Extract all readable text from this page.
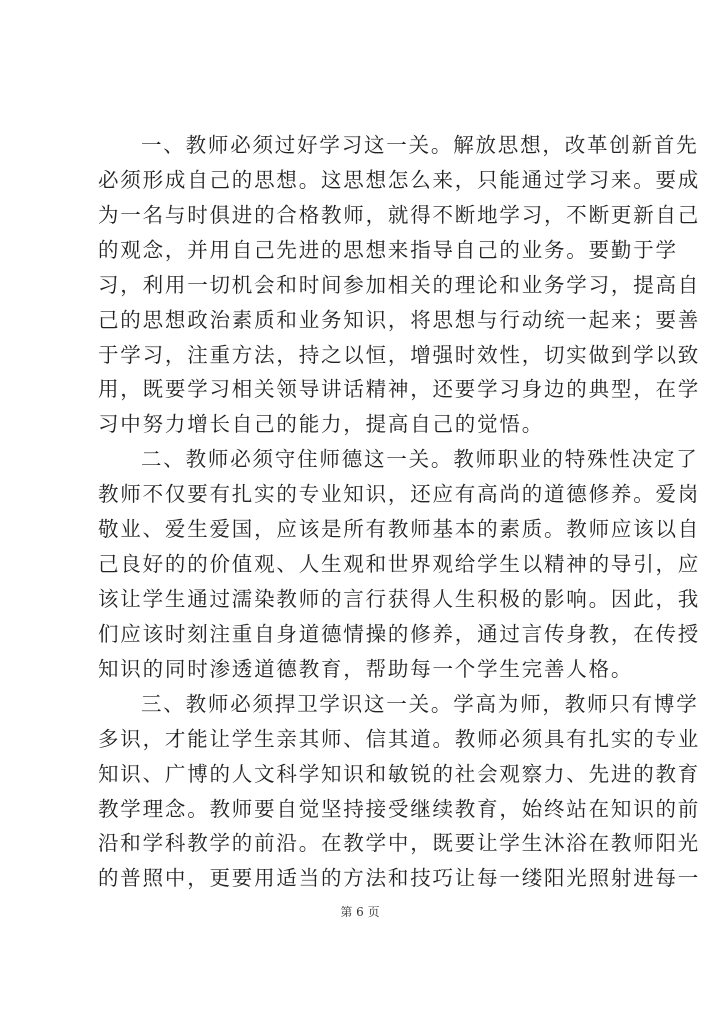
一、教师必须过好学习这一关。解放思想，改革创新首先
必须形成自己的思想。这思想怎么来，只能通过学习来。要成
为一名与时俱进的合格教师，就得不断地学习，不断更新自己
的观念，并用自己先进的思想来指导自己的业务。要勤于学
习，利用一切机会和时间参加相关的理论和业务学习，提高自
己的思想政治素质和业务知识，将思想与行动统一起来；要善
于学习，注重方法，持之以恒，增强时效性，切实做到学以致
用，既要学习相关领导讲话精神，还要学习身边的典型，在学
习中努力增长自己的能力，提高自己的觉悟。
二、教师必须守住师德这一关。教师职业的特殊性决定了
教师不仅要有扎实的专业知识，还应有高尚的道德修养。爱岗
敬业、爱生爱国，应该是所有教师基本的素质。教师应该以自
己良好的的价值观、人生观和世界观给学生以精神的导引，应
该让学生通过濡染教师的言行获得人生积极的影响。因此，我
们应该时刻注重自身道德情操的修养，通过言传身教，在传授
知识的同时渗透道德教育，帮助每一个学生完善人格。
三、教师必须捍卫学识这一关。学高为师，教师只有博学
多识，才能让学生亲其师、信其道。教师必须具有扎实的专业
知识、广博的人文科学知识和敏锐的社会观察力、先进的教育
教学理念。教师要自觉坚持接受继续教育，始终站在知识的前
沿和学科教学的前沿。在教学中，既要让学生沐浴在教师阳光
的普照中，更要用适当的方法和技巧让每一缕阳光照射进每一
第 6 页
